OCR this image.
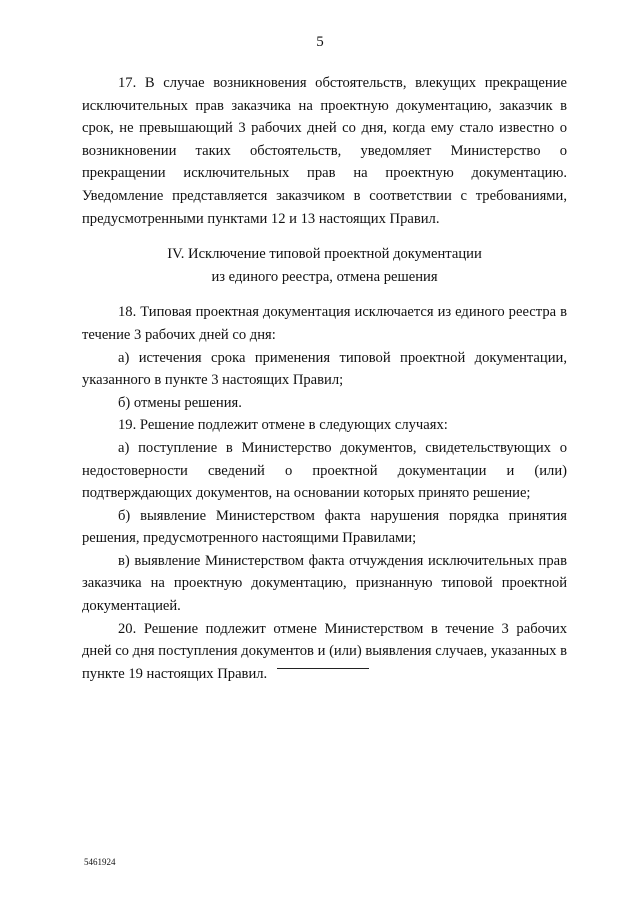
5

17. В случае возникновения обстоятельств, влекущих прекращение исключительных прав заказчика на проектную документацию, заказчик в срок, не превышающий 3 рабочих дней со дня, когда ему стало известно о возникновении таких обстоятельств, уведомляет Министерство о прекращении исключительных прав на проектную документацию. Уведомление представляется заказчиком в соответствии с требованиями, предусмотренными пунктами 12 и 13 настоящих Правил.

IV. Исключение типовой проектной документации
из единого реестра, отмена решения

18. Типовая проектная документация исключается из единого реестра в течение 3 рабочих дней со дня:

а) истечения срока применения типовой проектной документации, указанного в пункте 3 настоящих Правил;

б) отмены решения.

19. Решение подлежит отмене в следующих случаях:

а) поступление в Министерство документов, свидетельствующих о недостоверности сведений о проектной документации и (или) подтверждающих документов, на основании которых принято решение;

б) выявление Министерством факта нарушения порядка принятия решения, предусмотренного настоящими Правилами;

в) выявление Министерством факта отчуждения исключительных прав заказчика на проектную документацию, признанную типовой проектной документацией.

20. Решение подлежит отмене Министерством в течение 3 рабочих дней со дня поступления документов и (или) выявления случаев, указанных в пункте 19 настоящих Правил.

5461924
